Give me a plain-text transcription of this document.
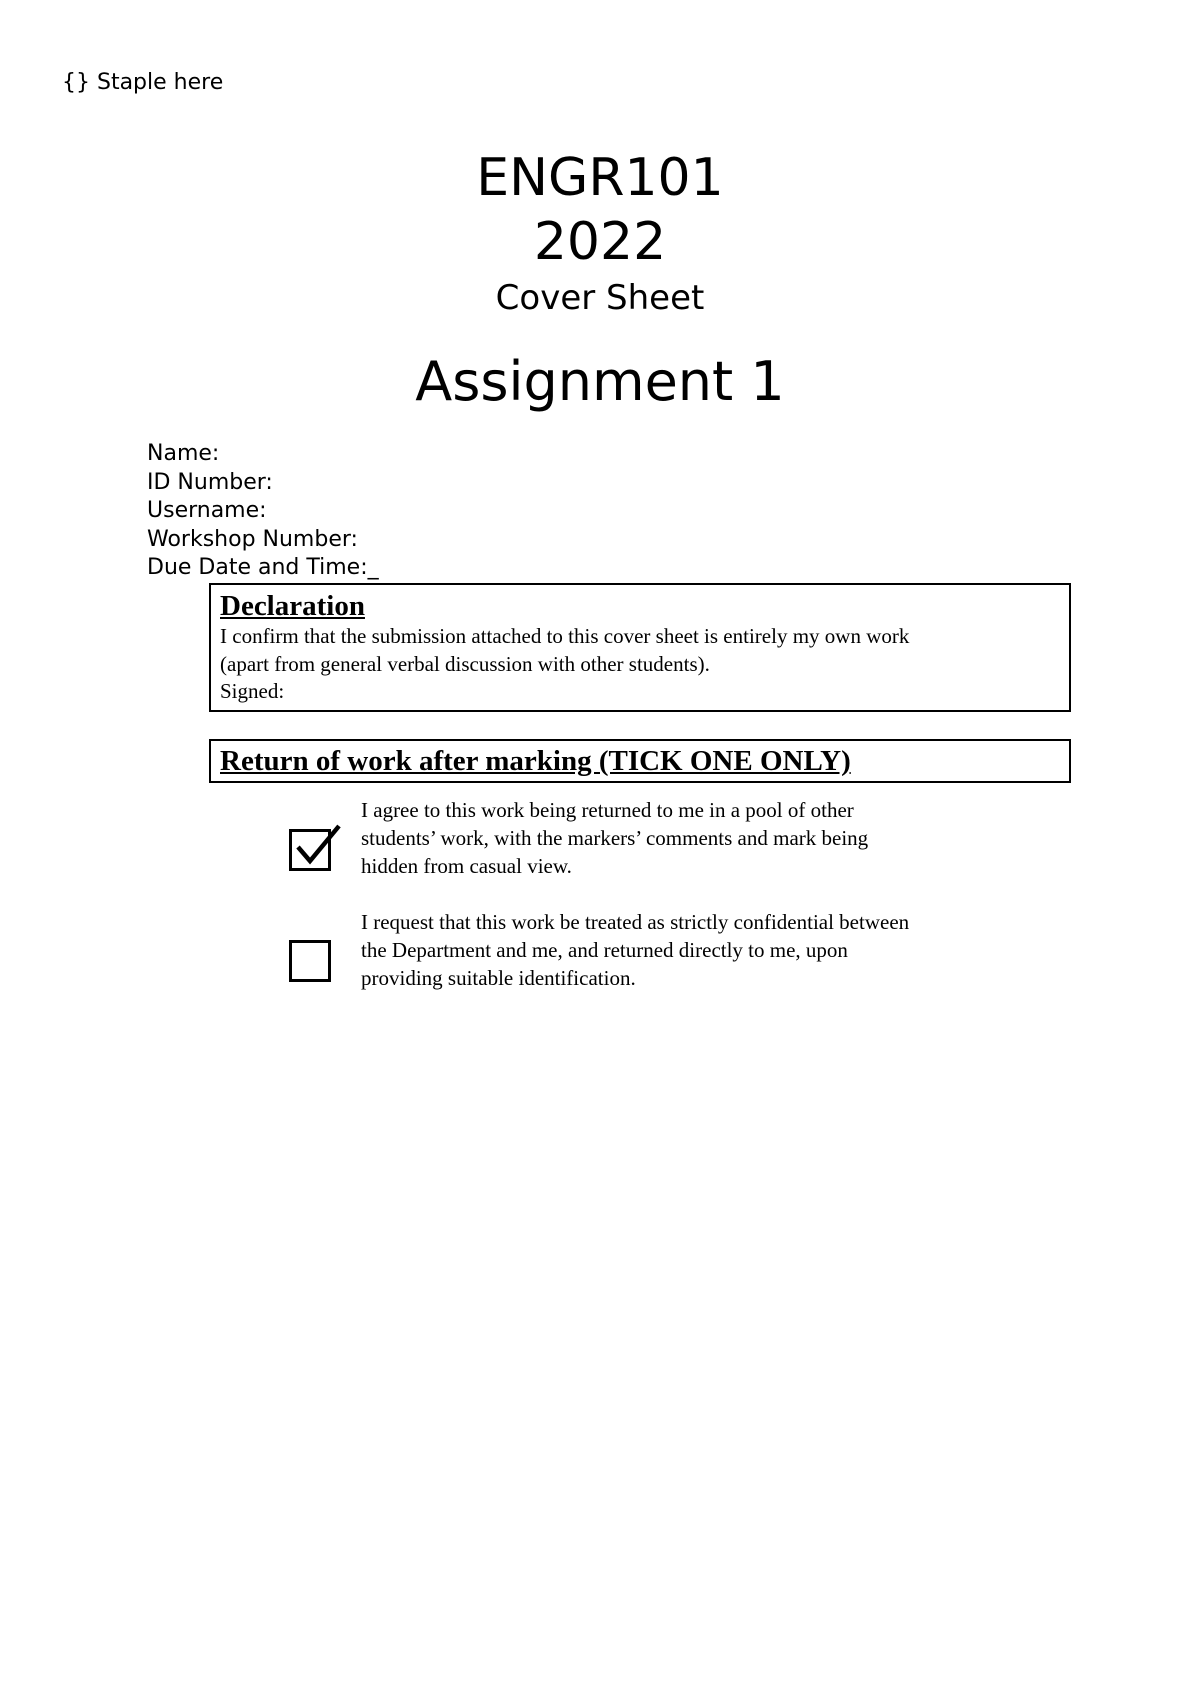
{} Staple here
ENGR101
2022
Cover Sheet
Assignment 1
Name:
ID Number:
Username:
Workshop Number:
Due Date and Time:_
Declaration
I confirm that the submission attached to this cover sheet is entirely my own work
(apart from general verbal discussion with other students).
Signed:
Return of work after marking (TICK ONE ONLY)
I agree to this work being returned to me in a pool of other
students’ work, with the markers’ comments and mark being
hidden from casual view.
I request that this work be treated as strictly confidential between
the Department and me, and returned directly to me, upon
providing suitable identification.
